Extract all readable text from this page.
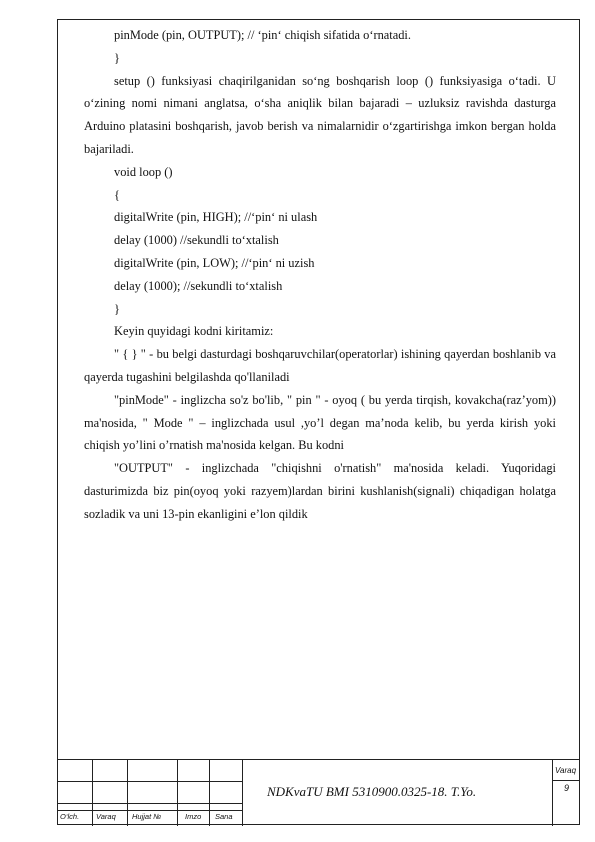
pinMode (pin, OUTPUT); // ‘pin‘ chiqish sifatida o‘rnatadi.

}

setup () funksiyasi chaqirilganidan so‘ng boshqarish loop () funksiyasiga o‘tadi. U o‘zining nomi nimani anglatsa, o‘sha aniqlik bilan bajaradi – uzluksiz ravishda dasturga Arduino platasini boshqarish, javob berish va nimalarnidir o‘zgartirishga imkon bergan holda bajariladi.

void loop ()

{

digitalWrite (pin, HIGH); //‘pin‘ ni ulash

delay (1000) //sekundli to‘xtalish

digitalWrite (pin, LOW); //‘pin‘ ni uzish

delay (1000); //sekundli to‘xtalish

}

Keyin quyidagi kodni kiritamiz:

" { } " - bu belgi dasturdagi boshqaruvchilar(operatorlar) ishining qayerdan boshlanib va qayerda tugashini belgilashda qo'llaniladi

"pinMode" - inglizcha so'z bo'lib, " pin " - oyoq ( bu yerda tirqish, kovakcha(raz’yom)) ma'nosida, " Mode " – inglizchada usul ,yo’l degan ma’noda kelib, bu yerda kirish yoki chiqish yo’lini o’rnatish ma'nosida kelgan. Bu kodni

"OUTPUT" - inglizchada "chiqishni o'rnatish" ma'nosida keladi. Yuqoridagi dasturimizda biz pin(oyoq yoki razyem)lardan birini kushlanish(signali) chiqadigan holatga sozladik va uni 13-pin ekanligini e’lon qildik

O‘lch. Varaq Hujjat №	Imzo Sana
NDKvaTU BMI 5310900.0325-18. T.Yo.
Varaq
9
